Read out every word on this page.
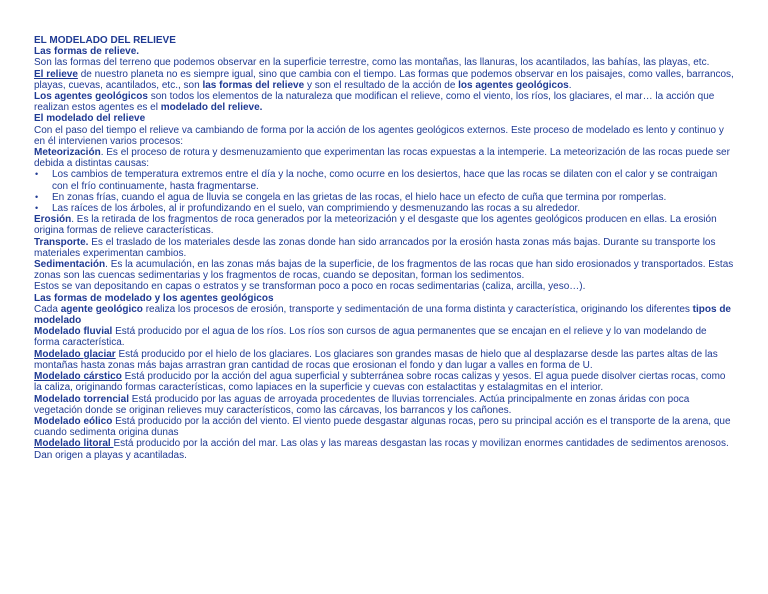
EL MODELADO DEL RELIEVE

Las formas de relieve.

Son las formas del terreno que podemos observar en la superficie terrestre, como las montañas, las llanuras, los acantilados, las bahías, las playas, etc.

El relieve de nuestro planeta no es siempre igual, sino que cambia con el tiempo. Las formas que podemos observar en los paisajes, como valles, barrancos, playas, cuevas, acantilados, etc., son las formas del relieve y son el resultado de la acción de los agentes geológicos.

Los agentes geológicos son todos los elementos de la naturaleza que modifican el relieve, como el viento, los ríos, los glaciares, el mar… la acción que realizan estos agentes es el modelado del relieve.

El modelado del relieve

Con el paso del tiempo el relieve va cambiando de forma por la acción de los agentes geológicos externos. Este proceso de modelado es lento y continuo y en él intervienen varios procesos:

Meteorización. Es el proceso de rotura y desmenuzamiento que experimentan las rocas expuestas a la intemperie. La meteorización de las rocas puede ser debida a distintas causas:

• Los cambios de temperatura extremos entre el día y la noche, como ocurre en los desiertos, hace que las rocas se dilaten con el calor y se contraigan con el frío continuamente, hasta fragmentarse.
• En zonas frías, cuando el agua de lluvia se congela en las grietas de las rocas, el hielo hace un efecto de cuña que termina por romperlas.
• Las raíces de los árboles, al ir profundizando en el suelo, van comprimiendo y desmenuzando las rocas a su alrededor.

Erosión. Es la retirada de los fragmentos de roca generados por la meteorización y el desgaste que los agentes geológicos producen en ellas. La erosión origina formas de relieve características.

Transporte. Es el traslado de los materiales desde las zonas donde han sido arrancados por la erosión hasta zonas más bajas. Durante su transporte los materiales experimentan cambios.

Sedimentación. Es la acumulación, en las zonas más bajas de la superficie, de los fragmentos de las rocas que han sido erosionados y transportados. Estas zonas son las cuencas sedimentarias y los fragmentos de rocas, cuando se depositan, forman los sedimentos.

Estos se van depositando en capas o estratos y se transforman poco a poco en rocas sedimentarias (caliza, arcilla, yeso…).

Las formas de modelado y los agentes geológicos

Cada agente geológico realiza los procesos de erosión, transporte y sedimentación de una forma distinta y característica, originando los diferentes tipos de modelado

Modelado fluvial Está producido por el agua de los ríos. Los ríos son cursos de agua permanentes que se encajan en el relieve y lo van modelando de forma característica.

Modelado glaciar Está producido por el hielo de los glaciares. Los glaciares son grandes masas de hielo que al desplazarse desde las partes altas de las montañas hasta zonas más bajas arrastran gran cantidad de rocas que erosionan el fondo y dan lugar a valles en forma de U.

Modelado cárstico Está producido por la acción del agua superficial y subterránea sobre rocas calizas y yesos. El agua puede disolver ciertas rocas, como la caliza, originando formas características, como lapiaces en la superficie y cuevas con estalactitas y estalagmitas en el interior.

Modelado torrencial Está producido por las aguas de arroyada procedentes de lluvias torrenciales. Actúa principalmente en zonas áridas con poca vegetación donde se originan relieves muy característicos, como las cárcavas, los barrancos y los cañones.

Modelado eólico Está producido por la acción del viento. El viento puede desgastar algunas rocas, pero su principal acción es el transporte de la arena, que cuando sedimenta origina dunas

Modelado litoral Está producido por la acción del mar. Las olas y las mareas desgastan las rocas y movilizan enormes cantidades de sedimentos arenosos. Dan origen a playas y acantiladas.
